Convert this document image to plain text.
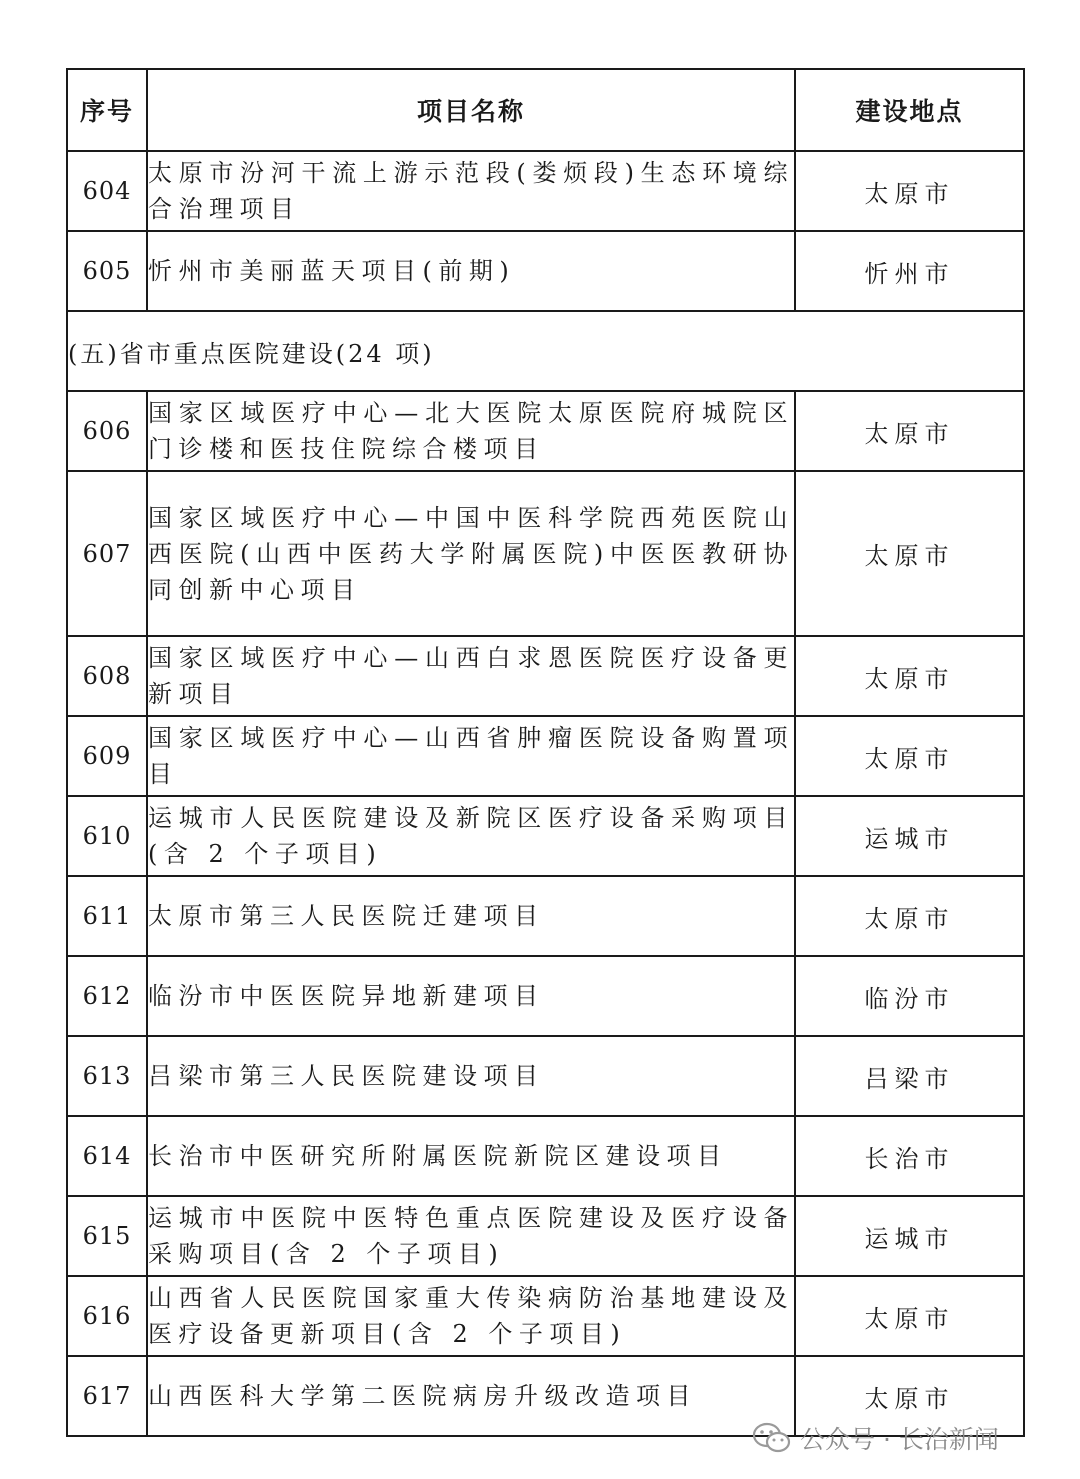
序号	项目名称	建设地点
604	太原市汾河干流上游示范段(娄烦段)生态环境综合治理项目	太原市
605	忻州市美丽蓝天项目(前期)	忻州市
(五)省市重点医院建设(24 项)		
606	国家区域医疗中心—北大医院太原医院府城院区门诊楼和医技住院综合楼项目	太原市
607	国家区域医疗中心—中国中医科学院西苑医院山西医院(山西中医药大学附属医院)中医医教研协同创新中心项目	太原市
608	国家区域医疗中心—山西白求恩医院医疗设备更新项目	太原市
609	国家区域医疗中心—山西省肿瘤医院设备购置项目	太原市
610	运城市人民医院建设及新院区医疗设备采购项目(含 2 个子项目)	运城市
611	太原市第三人民医院迁建项目	太原市
612	临汾市中医医院异地新建项目	临汾市
613	吕梁市第三人民医院建设项目	吕梁市
614	长治市中医研究所附属医院新院区建设项目	长治市
615	运城市中医院中医特色重点医院建设及医疗设备采购项目(含 2 个子项目)	运城市
616	山西省人民医院国家重大传染病防治基地建设及医疗设备更新项目(含 2 个子项目)	太原市
617	山西医科大学第二医院病房升级改造项目	太原市
公众号 · 长治新闻
